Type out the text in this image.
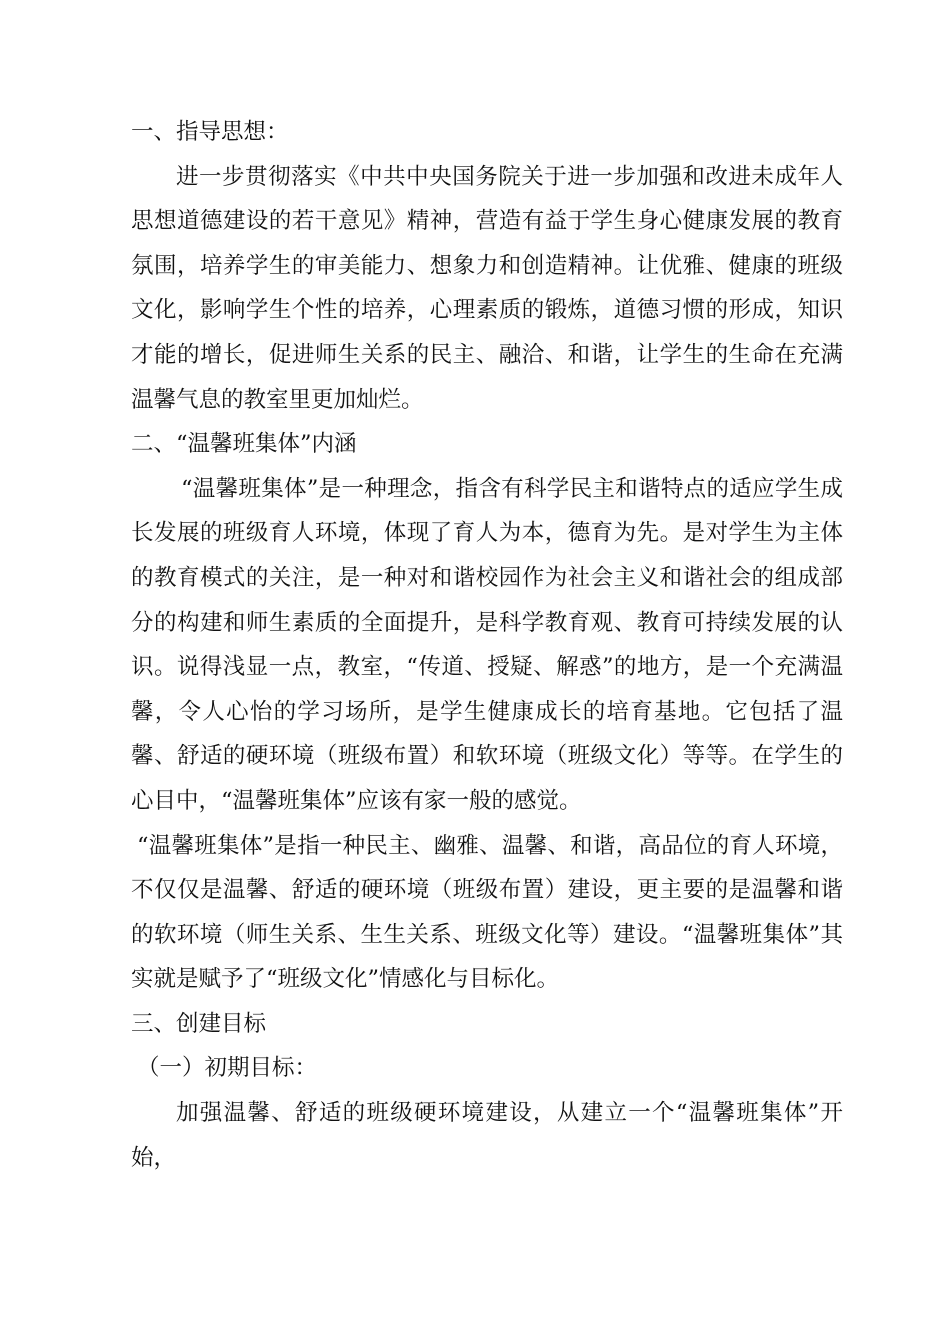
一、指导思想：

进一步贯彻落实《中共中央国务院关于进一步加强和改进未成年人思想道德建设的若干意见》精神，营造有益于学生身心健康发展的教育氛围，培养学生的审美能力、想象力和创造精神。让优雅、健康的班级文化，影响学生个性的培养，心理素质的锻炼，道德习惯的形成，知识才能的增长，促进师生关系的民主、融洽、和谐，让学生的生命在充满温馨气息的教室里更加灿烂。

二、“温馨班集体”内涵

“温馨班集体”是一种理念，指含有科学民主和谐特点的适应学生成长发展的班级育人环境，体现了育人为本，德育为先。是对学生为主体的教育模式的关注，是一种对和谐校园作为社会主义和谐社会的组成部分的构建和师生素质的全面提升，是科学教育观、教育可持续发展的认识。说得浅显一点，教室，“传道、授疑、解惑”的地方，是一个充满温馨，令人心怡的学习场所，是学生健康成长的培育基地。它包括了温馨、舒适的硬环境（班级布置）和软环境（班级文化）等等。在学生的心目中，“温馨班集体”应该有家一般的感觉。

“温馨班集体”是指一种民主、幽雅、温馨、和谐，高品位的育人环境，不仅仅是温馨、舒适的硬环境（班级布置）建设，更主要的是温馨和谐的软环境（师生关系、生生关系、班级文化等）建设。“温馨班集体”其实就是赋予了“班级文化”情感化与目标化。

三、创建目标

（一）初期目标：

加强温馨、舒适的班级硬环境建设，从建立一个“温馨班集体”开始，
